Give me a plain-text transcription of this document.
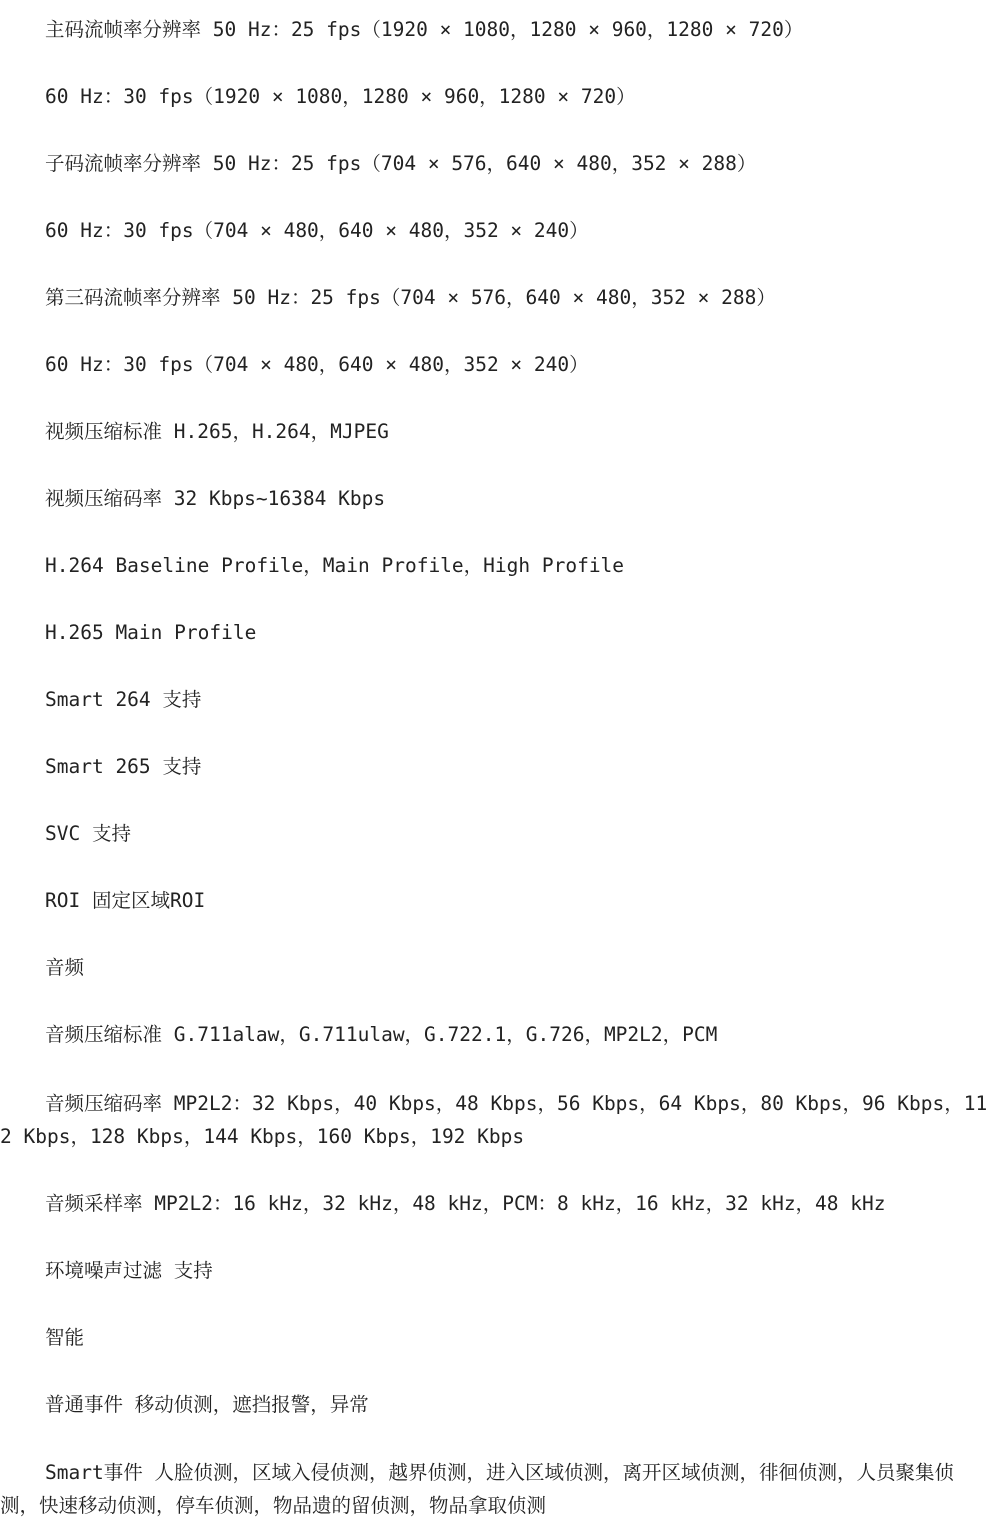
主码流帧率分辨率 50 Hz：25 fps（1920 × 1080，1280 × 960，1280 × 720）
60 Hz：30 fps（1920 × 1080，1280 × 960，1280 × 720）
子码流帧率分辨率 50 Hz：25 fps（704 × 576，640 × 480，352 × 288）
60 Hz：30 fps（704 × 480，640 × 480，352 × 240）
第三码流帧率分辨率 50 Hz：25 fps（704 × 576，640 × 480，352 × 288）
60 Hz：30 fps（704 × 480，640 × 480，352 × 240）
视频压缩标准 H.265，H.264，MJPEG
视频压缩码率 32 Kbps~16384 Kbps
H.264 Baseline Profile，Main Profile，High Profile
H.265 Main Profile
Smart 264 支持
Smart 265 支持
SVC 支持
ROI 固定区域ROI
音频
音频压缩标准 G.711alaw，G.711ulaw，G.722.1，G.726，MP2L2，PCM
音频压缩码率 MP2L2：32 Kbps，40 Kbps，48 Kbps，56 Kbps，64 Kbps，80 Kbps，96 Kbps，112 Kbps，128 Kbps，144 Kbps，160 Kbps，192 Kbps
音频采样率 MP2L2：16 kHz，32 kHz，48 kHz，PCM：8 kHz，16 kHz，32 kHz，48 kHz
环境噪声过滤 支持
智能
普通事件 移动侦测，遮挡报警，异常
Smart事件 人脸侦测，区域入侵侦测，越界侦测，进入区域侦测，离开区域侦测，徘徊侦测，人员聚集侦测，快速移动侦测，停车侦测，物品遗的留侦测，物品拿取侦测
